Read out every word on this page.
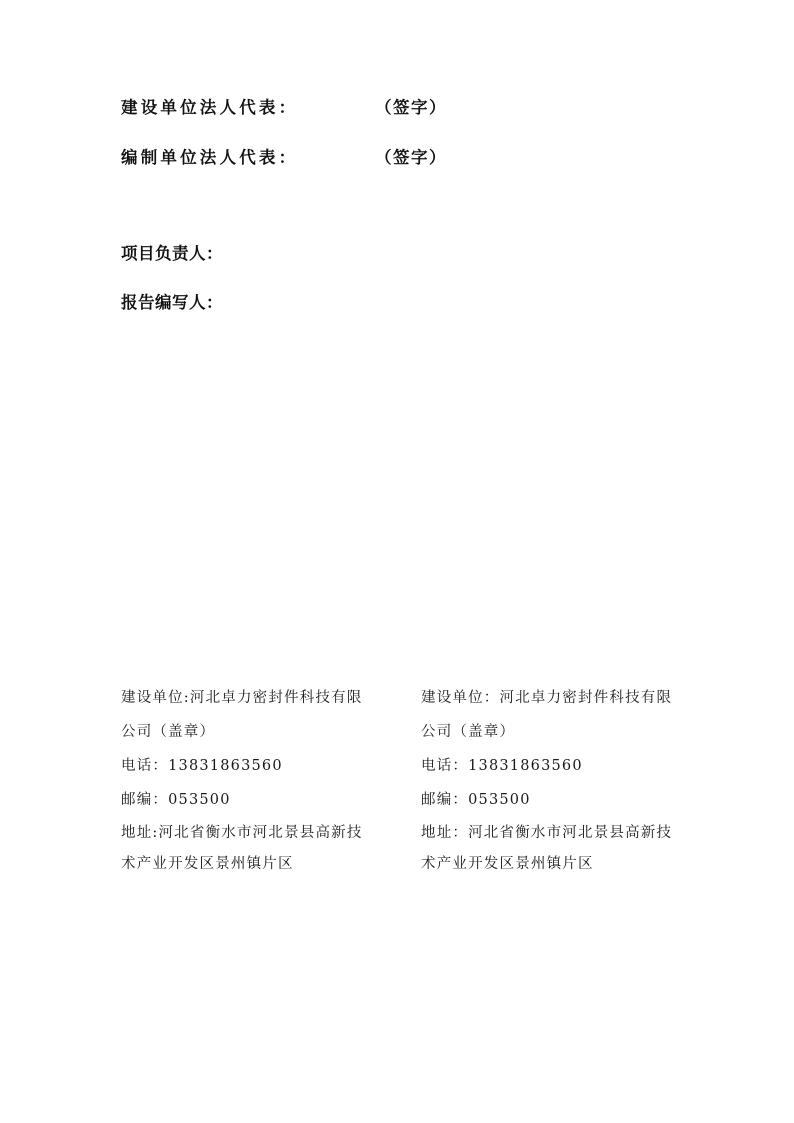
建设单位法人代表：	（签字）
编制单位法人代表：	（签字）
项目负责人：
报告编写人：
建设单位:河北卓力密封件科技有限
公司（盖章）
电话：13831863560
邮编：053500
地址:河北省衡水市河北景县高新技
术产业开发区景州镇片区
建设单位：河北卓力密封件科技有限
公司（盖章）
电话：13831863560
邮编：053500
地址：河北省衡水市河北景县高新技
术产业开发区景州镇片区
